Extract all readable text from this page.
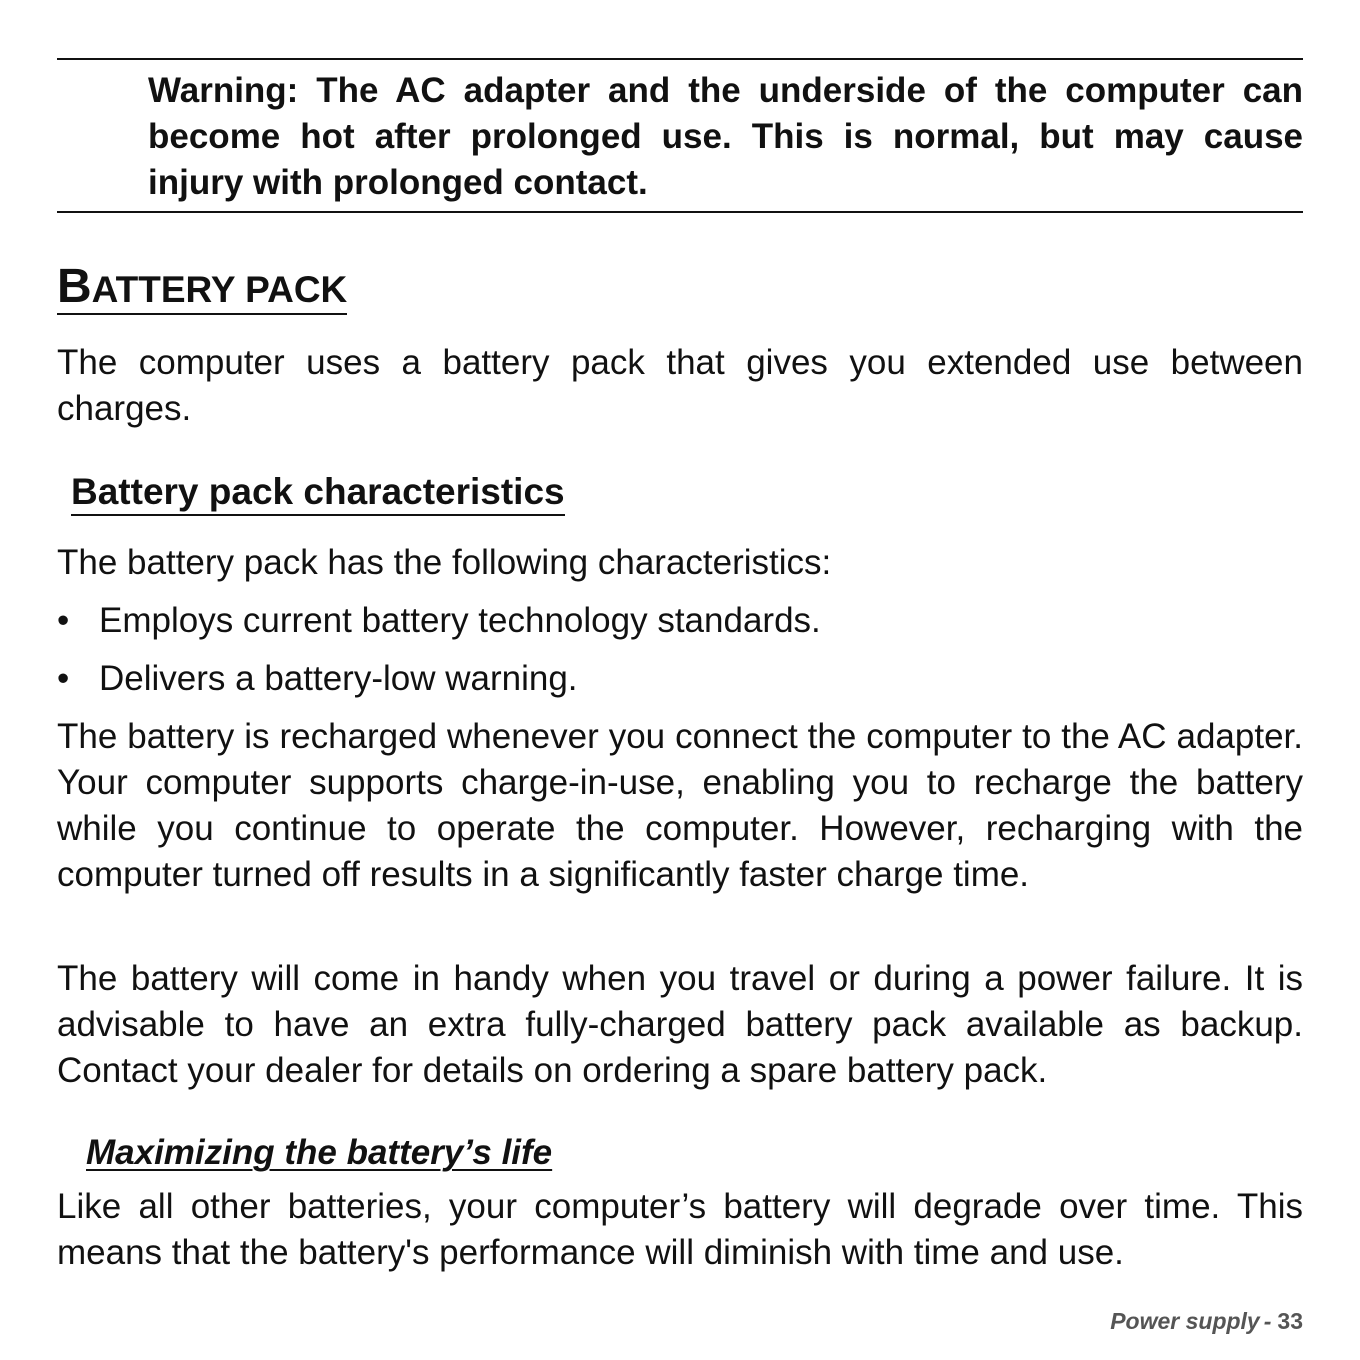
Warning: The AC adapter and the underside of the computer can become hot after prolonged use. This is normal, but may cause injury with prolonged contact.
BATTERY PACK

The computer uses a battery pack that gives you extended use between charges.

Battery pack characteristics

The battery pack has the following characteristics:

• Employs current battery technology standards.
• Delivers a battery-low warning.

The battery is recharged whenever you connect the computer to the AC adapter. Your computer supports charge-in-use, enabling you to recharge the battery while you continue to operate the computer. However, recharging with the computer turned off results in a significantly faster charge time.

The battery will come in handy when you travel or during a power failure. It is advisable to have an extra fully-charged battery pack available as backup. Contact your dealer for details on ordering a spare battery pack.

Maximizing the battery’s life

Like all other batteries, your computer’s battery will degrade over time. This means that the battery's performance will diminish with time and use.

Power supply - 33
